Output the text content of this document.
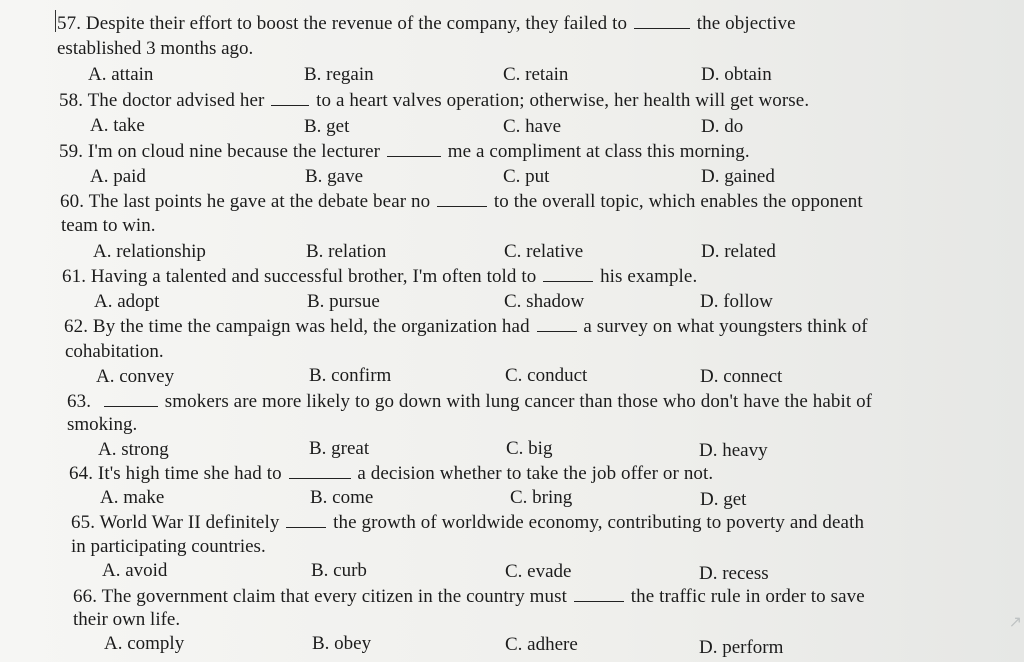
57. Despite their effort to boost the revenue of the company, they failed to	the objective
established 3 months ago.
A. attain	B. regain	C. retain	D. obtain
58. The doctor advised her	to a heart valves operation; otherwise, her health will get worse.
A. take	B. get	C. have	D. do
59. I'm on cloud nine because the lecturer	me a compliment at class this morning.
A. paid	B. gave	C. put	D. gained
60. The last points he gave at the debate bear no	to the overall topic, which enables the opponent
team to win.
A. relationship	B. relation	C. relative	D. related
61. Having a talented and successful brother, I'm often told to	his example.
A. adopt	B. pursue	C. shadow	D. follow
62. By the time the campaign was held, the organization had	a survey on what youngsters think of
cohabitation.
A. convey	B. confirm	C. conduct	D. connect
63.	smokers are more likely to go down with lung cancer than those who don't have the habit of
smoking.
A. strong	B. great	C. big	D. heavy
64. It's high time she had to	a decision whether to take the job offer or not.
A. make	B. come	C. bring	D. get
65. World War II definitely	the growth of worldwide economy, contributing to poverty and death
in participating countries.
A. avoid	B. curb	C. evade	D. recess
66. The government claim that every citizen in the country must	the traffic rule in order to save
their own life.
A. comply	B. obey	C. adhere	D. perform
↗
